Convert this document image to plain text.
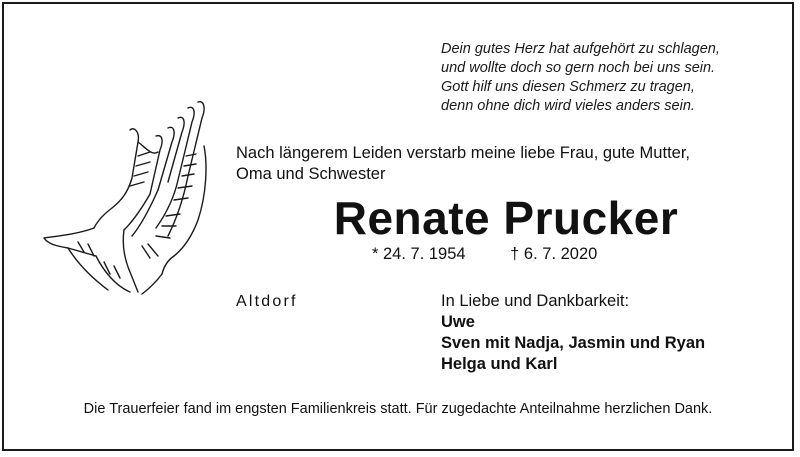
Dein gutes Herz hat aufgehört zu schlagen,
und wollte doch so gern noch bei uns sein.
Gott hilf uns diesen Schmerz zu tragen,
denn ohne dich wird vieles anders sein.
Nach längerem Leiden verstarb meine liebe Frau, gute Mutter,
Oma und Schwester
Renate Prucker
* 24. 7. 1954	† 6. 7. 2020
Altdorf	In Liebe und Dankbarkeit:
Uwe
Sven mit Nadja, Jasmin und Ryan
Helga und Karl
Die Trauerfeier fand im engsten Familienkreis statt. Für zugedachte Anteilnahme herzlichen Dank.
